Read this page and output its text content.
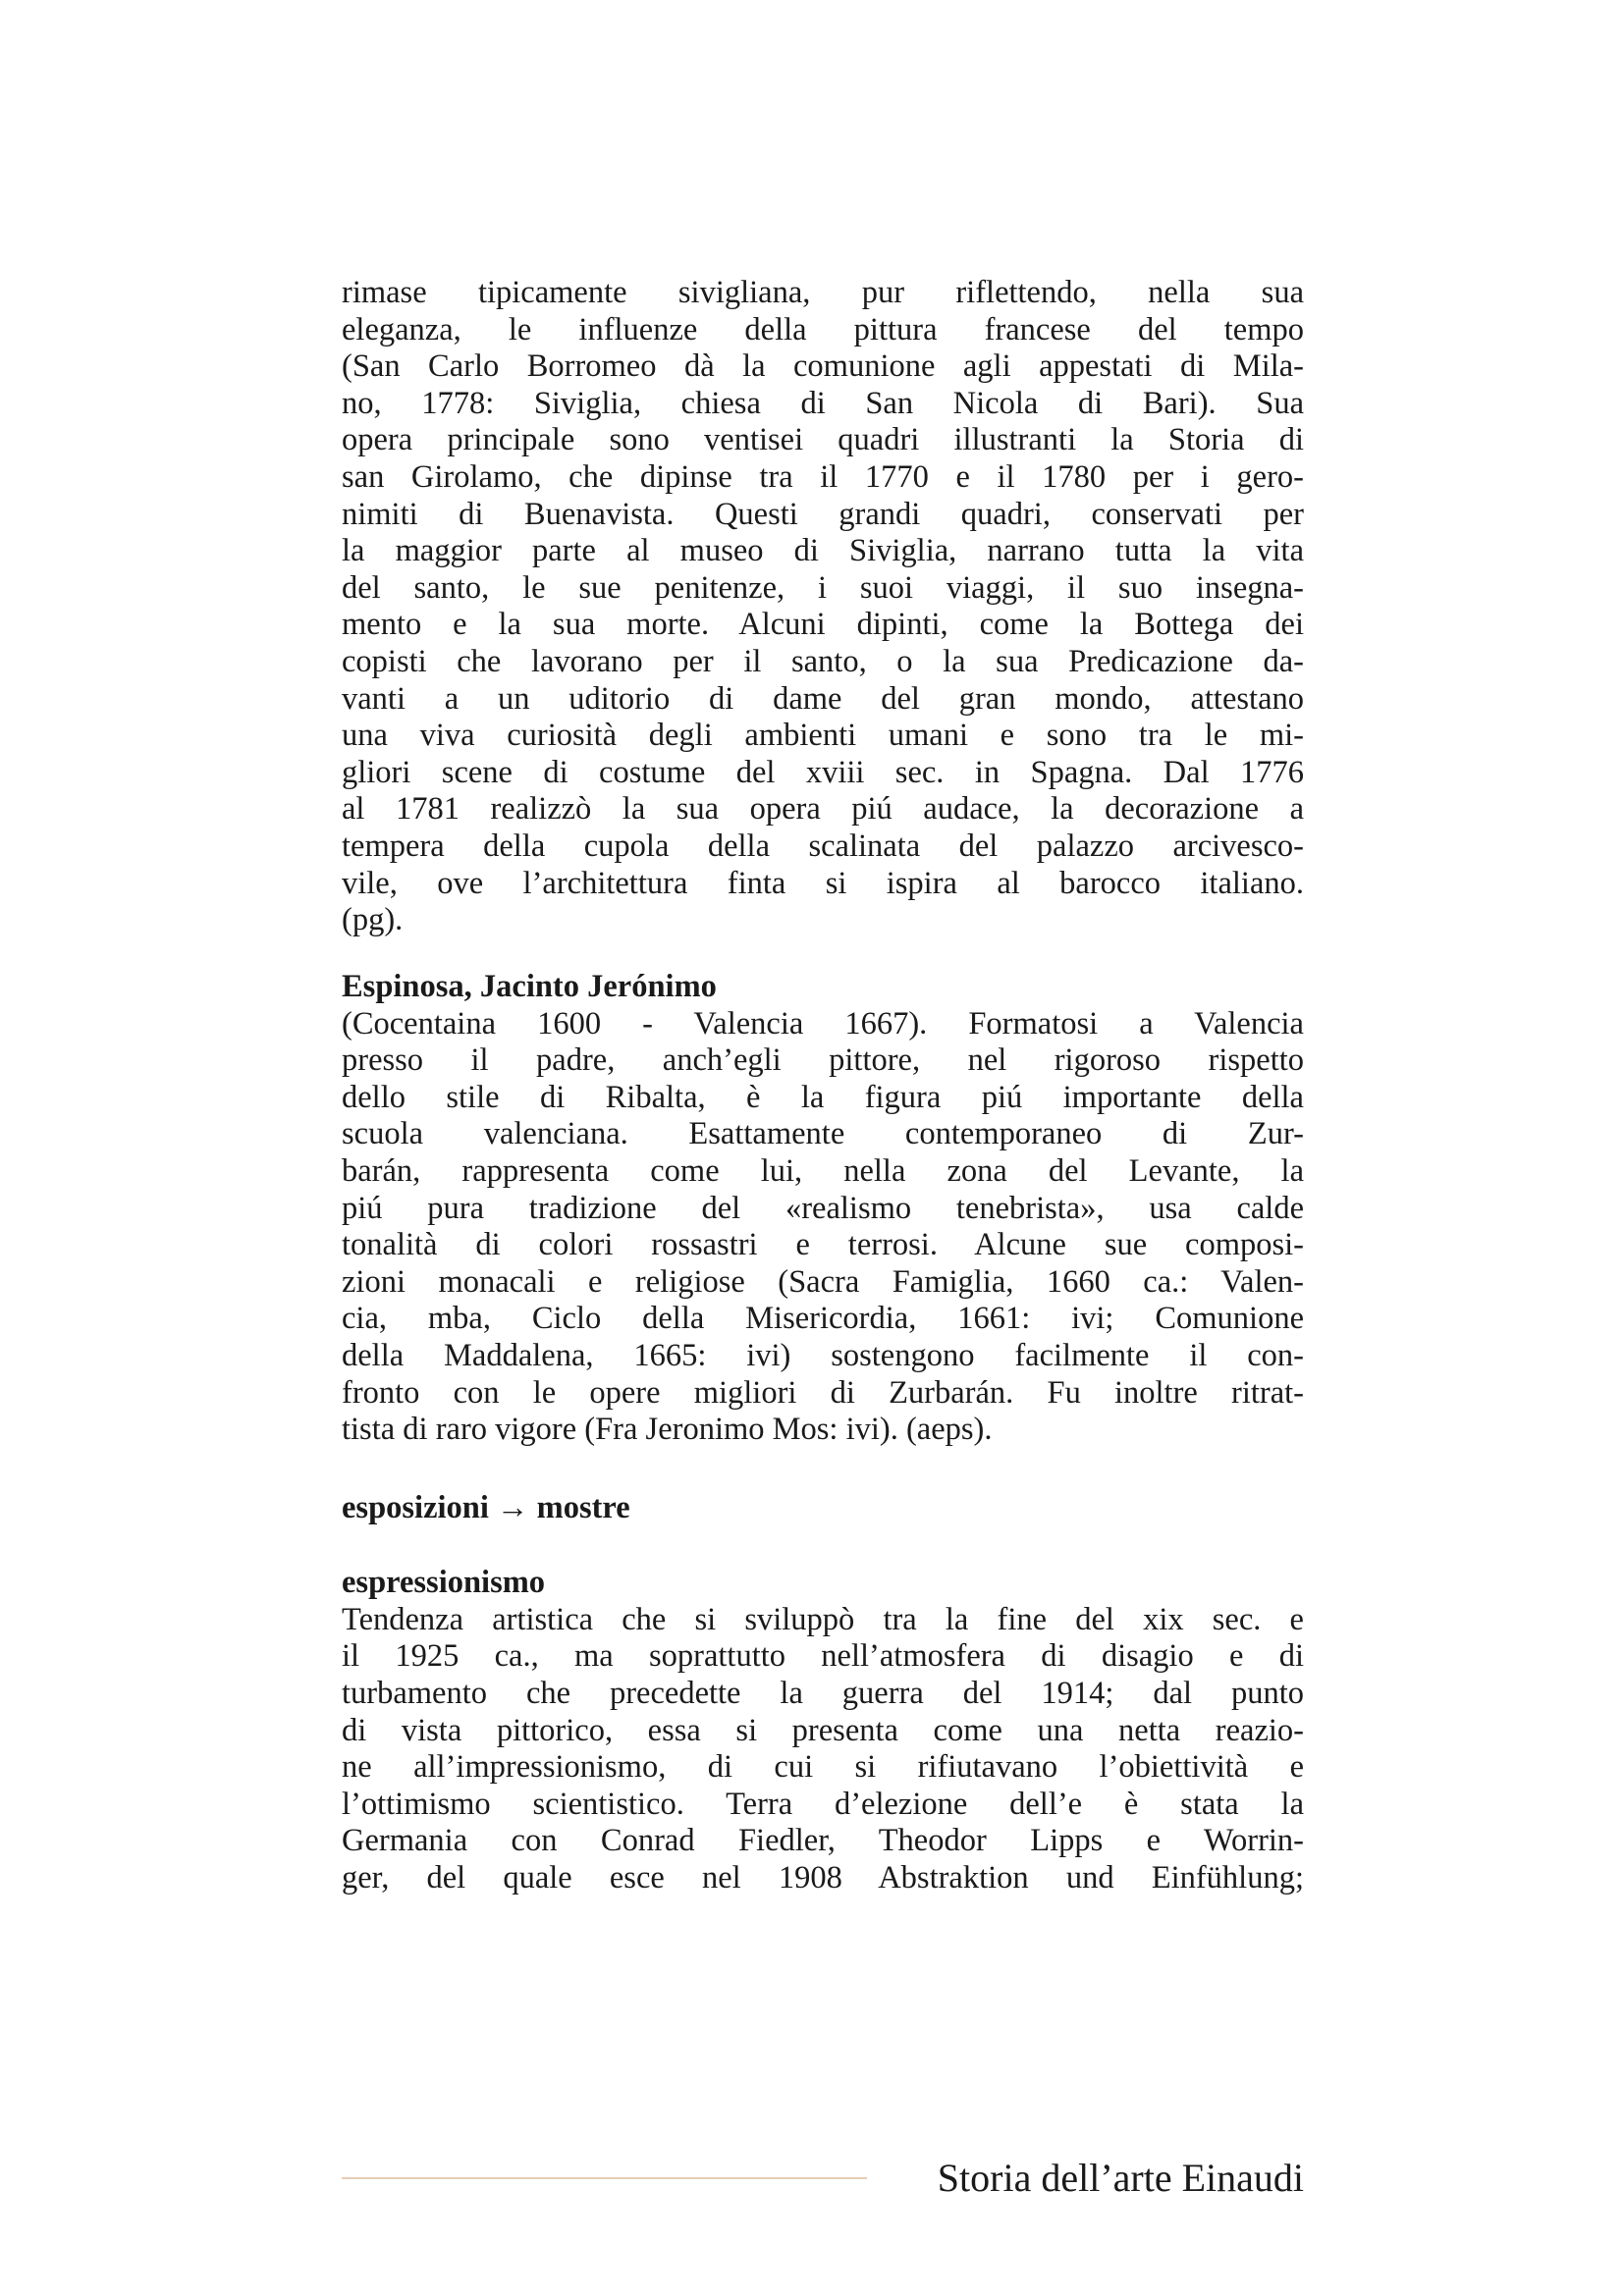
rimase tipicamente sivigliana, pur riflettendo, nella sua
eleganza, le influenze della pittura francese del tempo
(San Carlo Borromeo dà la comunione agli appestati di Mila-
no, 1778: Siviglia, chiesa di San Nicola di Bari). Sua
opera principale sono ventisei quadri illustranti la Storia di
san Girolamo, che dipinse tra il 1770 e il 1780 per i gero-
nimiti di Buenavista. Questi grandi quadri, conservati per
la maggior parte al museo di Siviglia, narrano tutta la vita
del santo, le sue penitenze, i suoi viaggi, il suo insegna-
mento e la sua morte. Alcuni dipinti, come la Bottega dei
copisti che lavorano per il santo, o la sua Predicazione da-
vanti a un uditorio di dame del gran mondo, attestano
una viva curiosità degli ambienti umani e sono tra le mi-
gliori scene di costume del xviii sec. in Spagna. Dal 1776
al 1781 realizzò la sua opera piú audace, la decorazione a
tempera della cupola della scalinata del palazzo arcivesco-
vile, ove l’architettura finta si ispira al barocco italiano.
(pg).
Espinosa, Jacinto Jerónimo
(Cocentaina 1600 - Valencia 1667). Formatosi a Valencia
presso il padre, anch’egli pittore, nel rigoroso rispetto
dello stile di Ribalta, è la figura piú importante della
scuola valenciana. Esattamente contemporaneo di Zur-
barán, rappresenta come lui, nella zona del Levante, la
piú pura tradizione del «realismo tenebrista», usa calde
tonalità di colori rossastri e terrosi. Alcune sue composi-
zioni monacali e religiose (Sacra Famiglia, 1660 ca.: Valen-
cia, mba, Ciclo della Misericordia, 1661: ivi; Comunione
della Maddalena, 1665: ivi) sostengono facilmente il con-
fronto con le opere migliori di Zurbarán. Fu inoltre ritrat-
tista di raro vigore (Fra Jeronimo Mos: ivi). (aeps).
esposizioni → mostre
espressionismo
Tendenza artistica che si sviluppò tra la fine del xix sec. e
il 1925 ca., ma soprattutto nell’atmosfera di disagio e di
turbamento che precedette la guerra del 1914; dal punto
di vista pittorico, essa si presenta come una netta reazio-
ne all’impressionismo, di cui si rifiutavano l’obiettività e
l’ottimismo scientistico. Terra d’elezione dell’e è stata la
Germania con Conrad Fiedler, Theodor Lipps e Worrin-
ger, del quale esce nel 1908 Abstraktion und Einfühlung;
Storia dell’arte Einaudi
